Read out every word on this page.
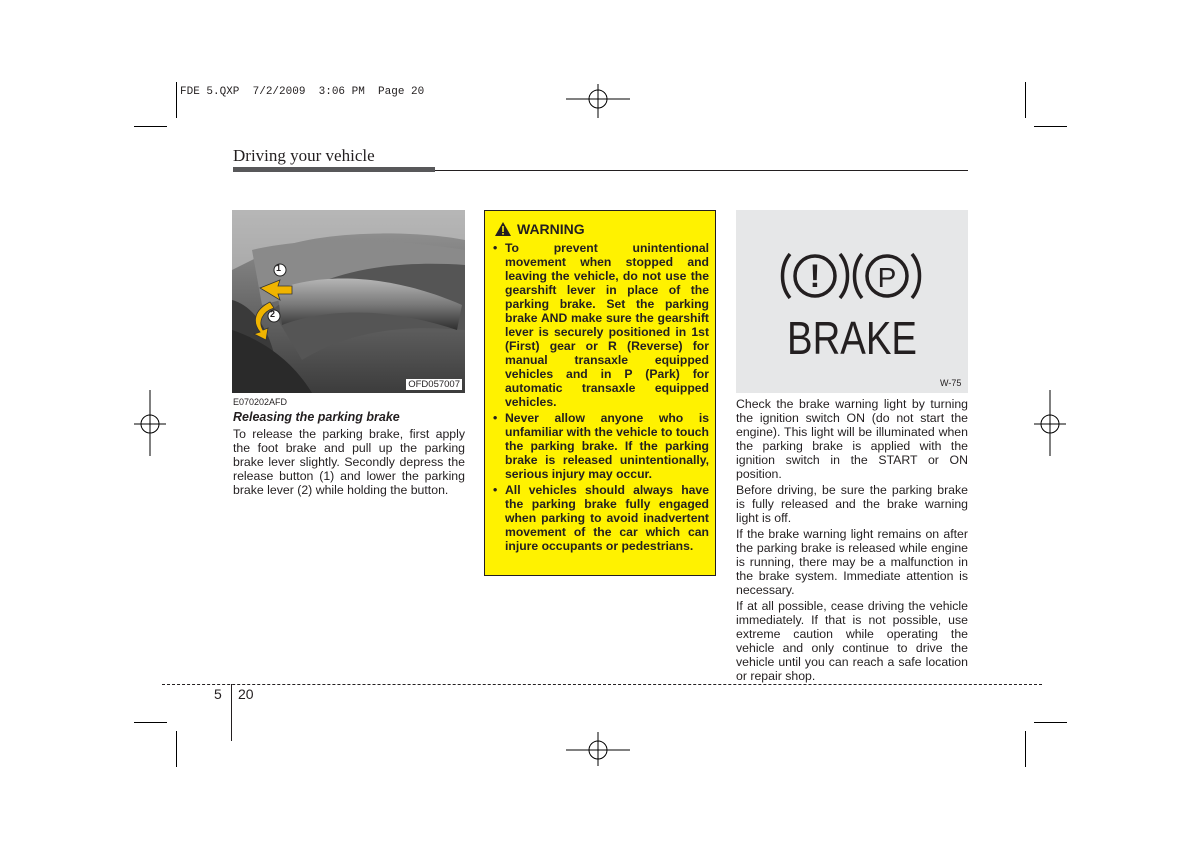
FDE 5.QXP  7/2/2009  3:06 PM  Page 20
Driving your vehicle
1
2
OFD057007
E070202AFD
Releasing the parking brake
To release the parking brake, first apply the foot brake and pull up the parking brake lever slightly. Secondly depress the release button (1) and lower the parking brake lever (2) while holding the button.
WARNING
• To prevent unintentional movement when stopped and leaving the vehicle, do not use the gearshift lever in place of the parking brake. Set the parking brake AND make sure the gearshift lever is securely positioned in 1st (First) gear or R (Reverse) for manual transaxle equipped vehicles and in P (Park) for automatic transaxle equipped vehicles.
• Never allow anyone who is unfamiliar with the vehicle to touch the parking brake. If the parking brake is released unintentionally, serious injury may occur.
• All vehicles should always have the parking brake fully engaged when parking to avoid inadvertent movement of the car which can injure occupants or pedestrians.
! P
BRAKE
W-75

Check the brake warning light by turning the ignition switch ON (do not start the engine). This light will be illuminated when the parking brake is applied with the ignition switch in the START or ON position.

Before driving, be sure the parking brake is fully released and the brake warning light is off.

If the brake warning light remains on after the parking brake is released while engine is running, there may be a malfunction in the brake system. Immediate attention is necessary.

If at all possible, cease driving the vehicle immediately. If that is not possible, use extreme caution while operating the vehicle and only continue to drive the vehicle until you can reach a safe location or repair shop.

5 20
